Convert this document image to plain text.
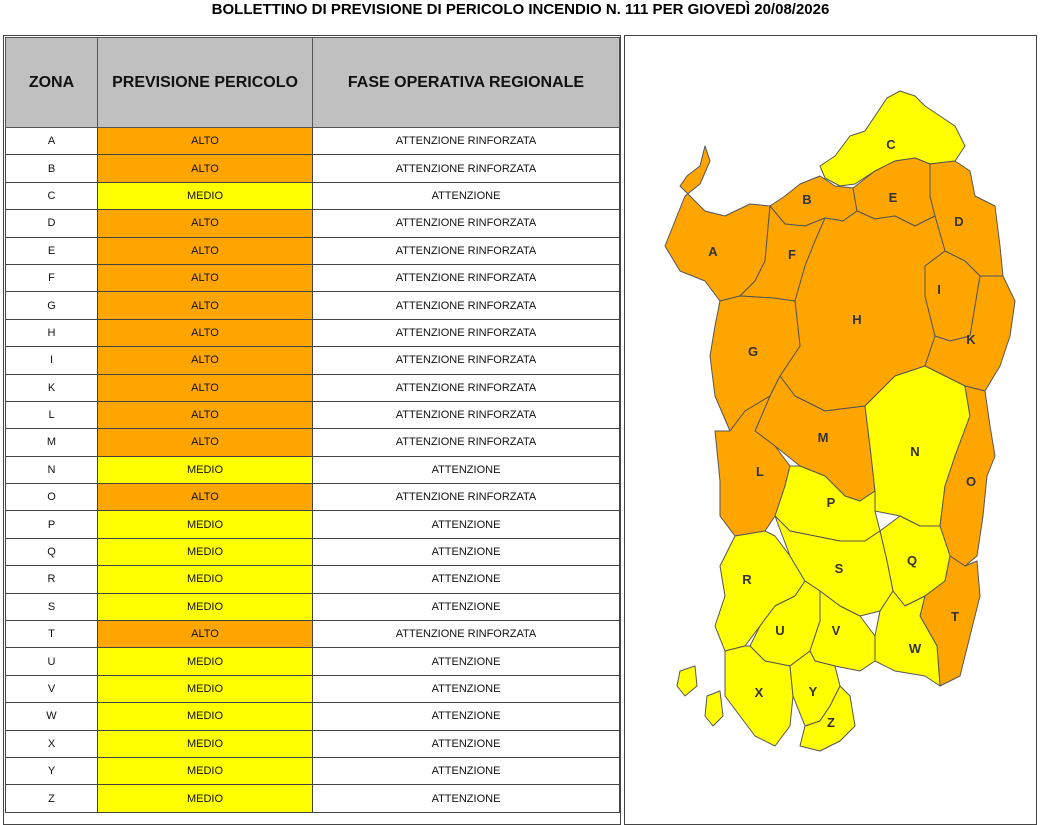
BOLLETTINO DI PREVISIONE DI PERICOLO INCENDIO N. 111 PER GIOVEDÌ 20/08/2026
ZONA	PREVISIONE PERICOLO	FASE OPERATIVA REGIONALE
A	ALTO	ATTENZIONE RINFORZATA
B	ALTO	ATTENZIONE RINFORZATA
C	MEDIO	ATTENZIONE
D	ALTO	ATTENZIONE RINFORZATA
E	ALTO	ATTENZIONE RINFORZATA
F	ALTO	ATTENZIONE RINFORZATA
G	ALTO	ATTENZIONE RINFORZATA
H	ALTO	ATTENZIONE RINFORZATA
I	ALTO	ATTENZIONE RINFORZATA
K	ALTO	ATTENZIONE RINFORZATA
L	ALTO	ATTENZIONE RINFORZATA
M	ALTO	ATTENZIONE RINFORZATA
N	MEDIO	ATTENZIONE
O	ALTO	ATTENZIONE RINFORZATA
P	MEDIO	ATTENZIONE
Q	MEDIO	ATTENZIONE
R	MEDIO	ATTENZIONE
S	MEDIO	ATTENZIONE
T	ALTO	ATTENZIONE RINFORZATA
U	MEDIO	ATTENZIONE
V	MEDIO	ATTENZIONE
W	MEDIO	ATTENZIONE
X	MEDIO	ATTENZIONE
Y	MEDIO	ATTENZIONE
Z	MEDIO	ATTENZIONE
A
B
C
D
E
F
G
H
I
K
L
M
N
O
P
Q
R
S
T
U	V
W
X	Y
Z
